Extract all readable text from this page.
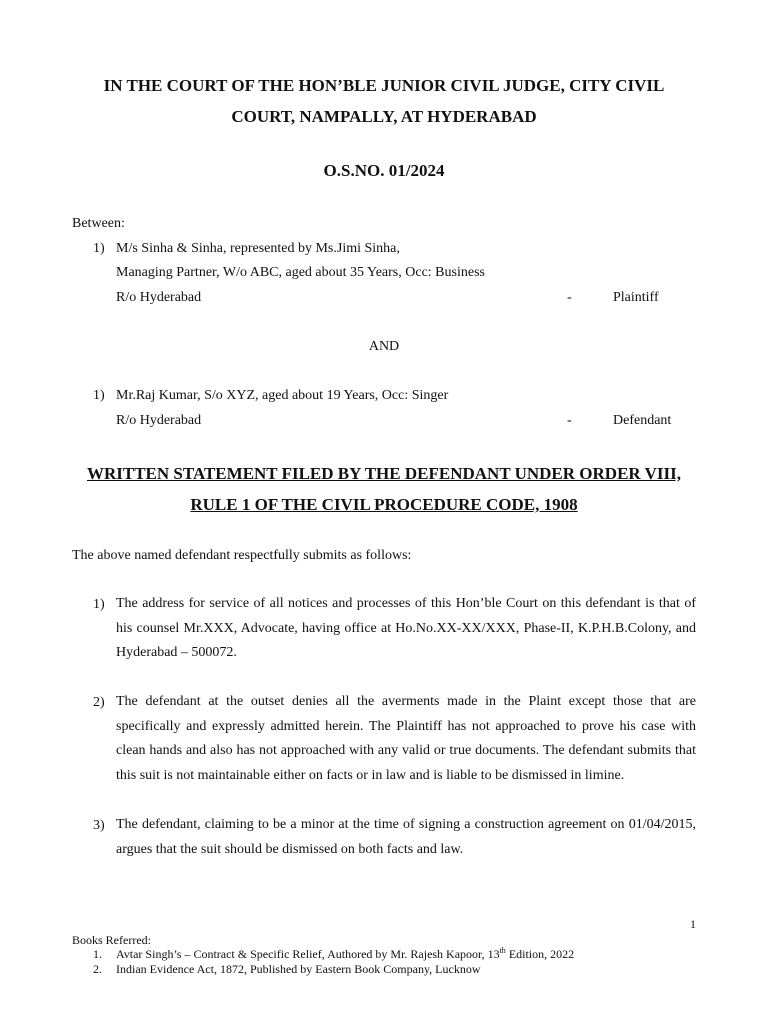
IN THE COURT OF THE HON’BLE JUNIOR CIVIL JUDGE, CITY CIVIL
COURT, NAMPALLY, AT HYDERABAD
O.S.NO. 01/2024
Between:
1) M/s Sinha & Sinha, represented by Ms.Jimi Sinha,
Managing Partner, W/o ABC, aged about 35 Years, Occ: Business
R/o Hyderabad	-	Plaintiff
AND
1) Mr.Raj Kumar, S/o XYZ, aged about 19 Years, Occ: Singer
R/o Hyderabad	-	Defendant
WRITTEN STATEMENT FILED BY THE DEFENDANT UNDER ORDER VIII,
RULE 1 OF THE CIVIL PROCEDURE CODE, 1908
The above named defendant respectfully submits as follows:
1) The address for service of all notices and processes of this Hon’ble Court on this defendant is that of his counsel Mr.XXX, Advocate, having office at Ho.No.XX-XX/XXX, Phase-II, K.P.H.B.Colony, and Hyderabad – 500072.
2) The defendant at the outset denies all the averments made in the Plaint except those that are specifically and expressly admitted herein. The Plaintiff has not approached to prove his case with clean hands and also has not approached with any valid or true documents. The defendant submits that this suit is not maintainable either on facts or in law and is liable to be dismissed in limine.
3) The defendant, claiming to be a minor at the time of signing a construction agreement on 01/04/2015, argues that the suit should be dismissed on both facts and law.
1
Books Referred:
1. Avtar Singh’s – Contract & Specific Relief, Authored by Mr. Rajesh Kapoor, 13th Edition, 2022
2. Indian Evidence Act, 1872, Published by Eastern Book Company, Lucknow
